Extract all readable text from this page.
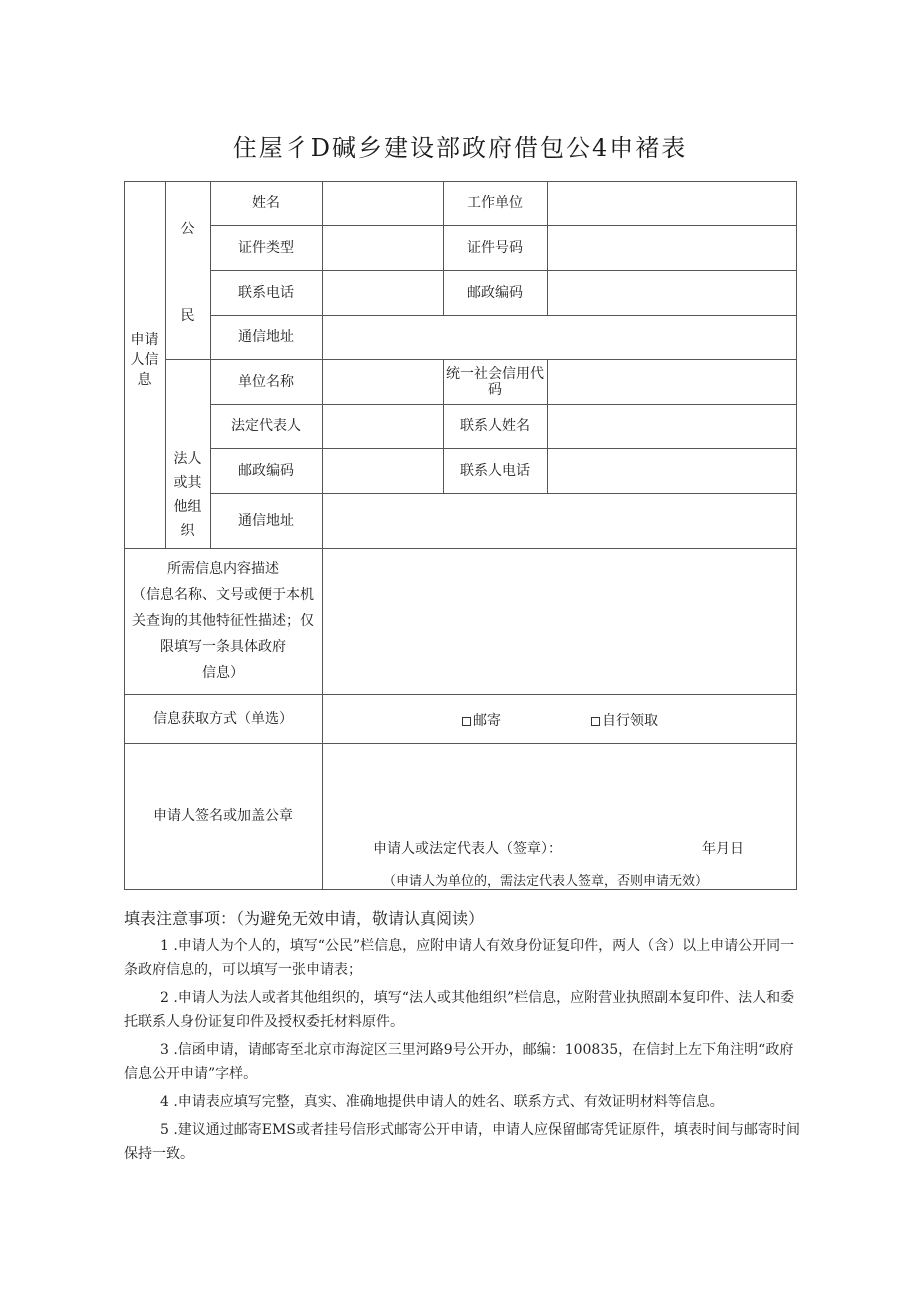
住屋彳D碱乡建设部政府借包公4申褚表
申请人信息
公
民
法人
或其
他组
织
姓名	工作单位
证件类型	证件号码
联系电话	邮政编码
通信地址
单位名称	统一社会信用代码
法定代表人	联系人姓名
邮政编码	联系人电话
通信地址
所需信息内容描述
（信息名称、文号或便于本机
关查询的其他特征性描述；仅
限填写一条具体政府
信息）
信息获取方式（单选）	邮寄	自行领取
申请人签名或加盖公章
申请人或法定代表人（签章）：	年月日
（申请人为单位的，需法定代表人签章，否则申请无效）

填表注意事项：（为避免无效申请，敬请认真阅读）

1 .申请人为个人的，填写“公民”栏信息，应附申请人有效身份证复印件，两人（含）以上申请公开同一条政府信息的，可以填写一张申请表；

2 .申请人为法人或者其他组织的，填写“法人或其他组织”栏信息，应附营业执照副本复印件、法人和委托联系人身份证复印件及授权委托材料原件。

3 .信函申请，请邮寄至北京市海淀区三里河路9号公开办，邮编：100835，在信封上左下角注明“政府信息公开申请”字样。

4 .申请表应填写完整，真实、准确地提供申请人的姓名、联系方式、有效证明材料等信息。

5 .建议通过邮寄EMS或者挂号信形式邮寄公开申请，申请人应保留邮寄凭证原件，填表时间与邮寄时间保持一致。
